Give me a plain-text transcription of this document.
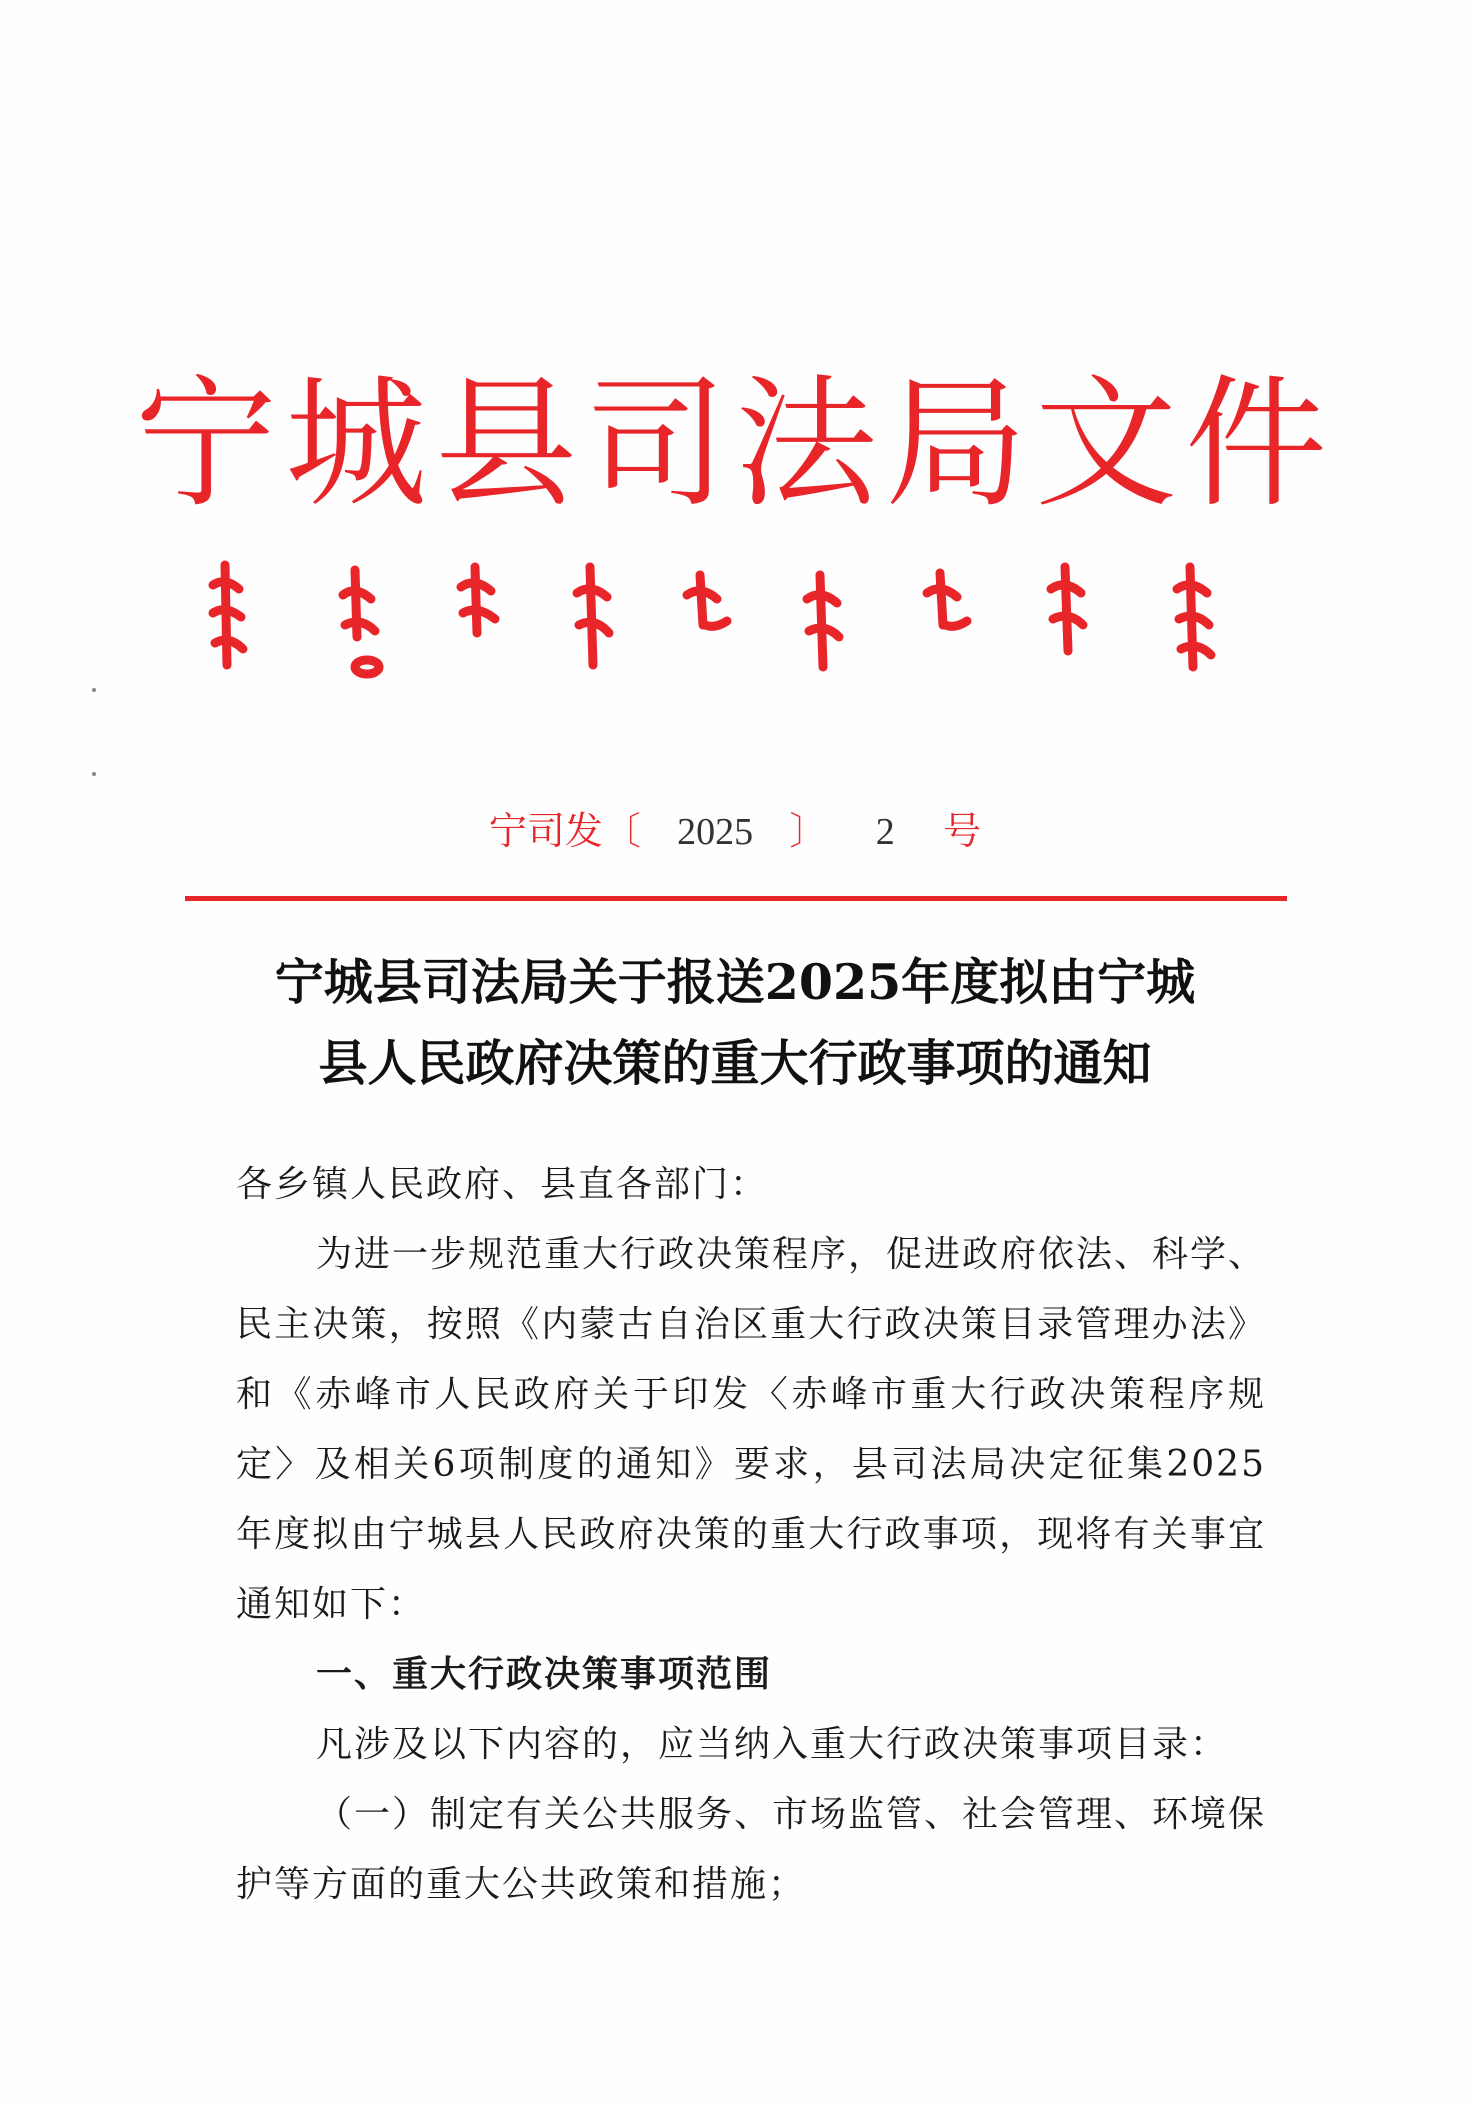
宁城县司法局文件
宁司发〔 2025 〕 2 号
宁城县司法局关于报送2025年度拟由宁城
县人民政府决策的重大行政事项的通知

各乡镇人民政府、县直各部门：

为进一步规范重大行政决策程序，促进政府依法、科学、民主决策，按照《内蒙古自治区重大行政决策目录管理办法》和《赤峰市人民政府关于印发〈赤峰市重大行政决策程序规定〉及相关6项制度的通知》要求，县司法局决定征集2025年度拟由宁城县人民政府决策的重大行政事项，现将有关事宜通知如下：

一、重大行政决策事项范围

凡涉及以下内容的，应当纳入重大行政决策事项目录：

（一）制定有关公共服务、市场监管、社会管理、环境保护等方面的重大公共政策和措施；
